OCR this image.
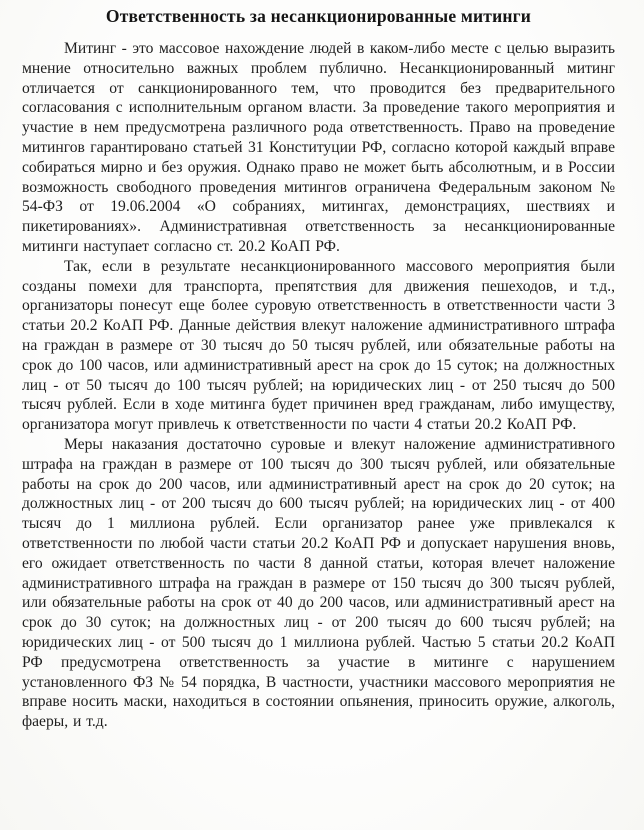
Ответственность за несанкционированные митинги

Митинг - это массовое нахождение людей в каком-либо месте с целью выразить мнение относительно важных проблем публично. Несанкционированный митинг отличается от санкционированного тем, что проводится без предварительного согласования с исполнительным органом власти. За проведение такого мероприятия и участие в нем предусмотрена различного рода ответственность. Право на проведение митингов гарантировано статьей 31 Конституции РФ, согласно которой каждый вправе собираться мирно и без оружия. Однако право не может быть абсолютным, и в России возможность свободного проведения митингов ограничена Федеральным законом № 54-ФЗ от 19.06.2004 «О собраниях, митингах, демонстрациях, шествиях и пикетированиях». Административная ответственность за несанкционированные митинги наступает согласно ст. 20.2 КоАП РФ.

Так, если в результате несанкционированного массового мероприятия были созданы помехи для транспорта, препятствия для движения пешеходов, и т.д., организаторы понесут еще более суровую ответственность в ответственности части 3 статьи 20.2 КоАП РФ. Данные действия влекут наложение административного штрафа на граждан в размере от 30 тысяч до 50 тысяч рублей, или обязательные работы на срок до 100 часов, или административный арест на срок до 15 суток; на должностных лиц - от 50 тысяч до 100 тысяч рублей; на юридических лиц - от 250 тысяч до 500 тысяч рублей. Если в ходе митинга будет причинен вред гражданам, либо имуществу, организатора могут привлечь к ответственности по части 4 статьи 20.2 КоАП РФ.

Меры наказания достаточно суровые и влекут наложение административного штрафа на граждан в размере от 100 тысяч до 300 тысяч рублей, или обязательные работы на срок до 200 часов, или административный арест на срок до 20 суток; на должностных лиц - от 200 тысяч до 600 тысяч рублей; на юридических лиц - от 400 тысяч до 1 миллиона рублей. Если организатор ранее уже привлекался к ответственности по любой части статьи 20.2 КоАП РФ и допускает нарушения вновь, его ожидает ответственность по части 8 данной статьи, которая влечет наложение административного штрафа на граждан в размере от 150 тысяч до 300 тысяч рублей, или обязательные работы на срок от 40 до 200 часов, или административный арест на срок до 30 суток; на должностных лиц - от 200 тысяч до 600 тысяч рублей; на юридических лиц - от 500 тысяч до 1 миллиона рублей. Частью 5 статьи 20.2 КоАП РФ предусмотрена ответственность за участие в митинге с нарушением установленного ФЗ № 54 порядка, В частности, участники массового мероприятия не вправе носить маски, находиться в состоянии опьянения, приносить оружие, алкоголь, фаеры, и т.д.
